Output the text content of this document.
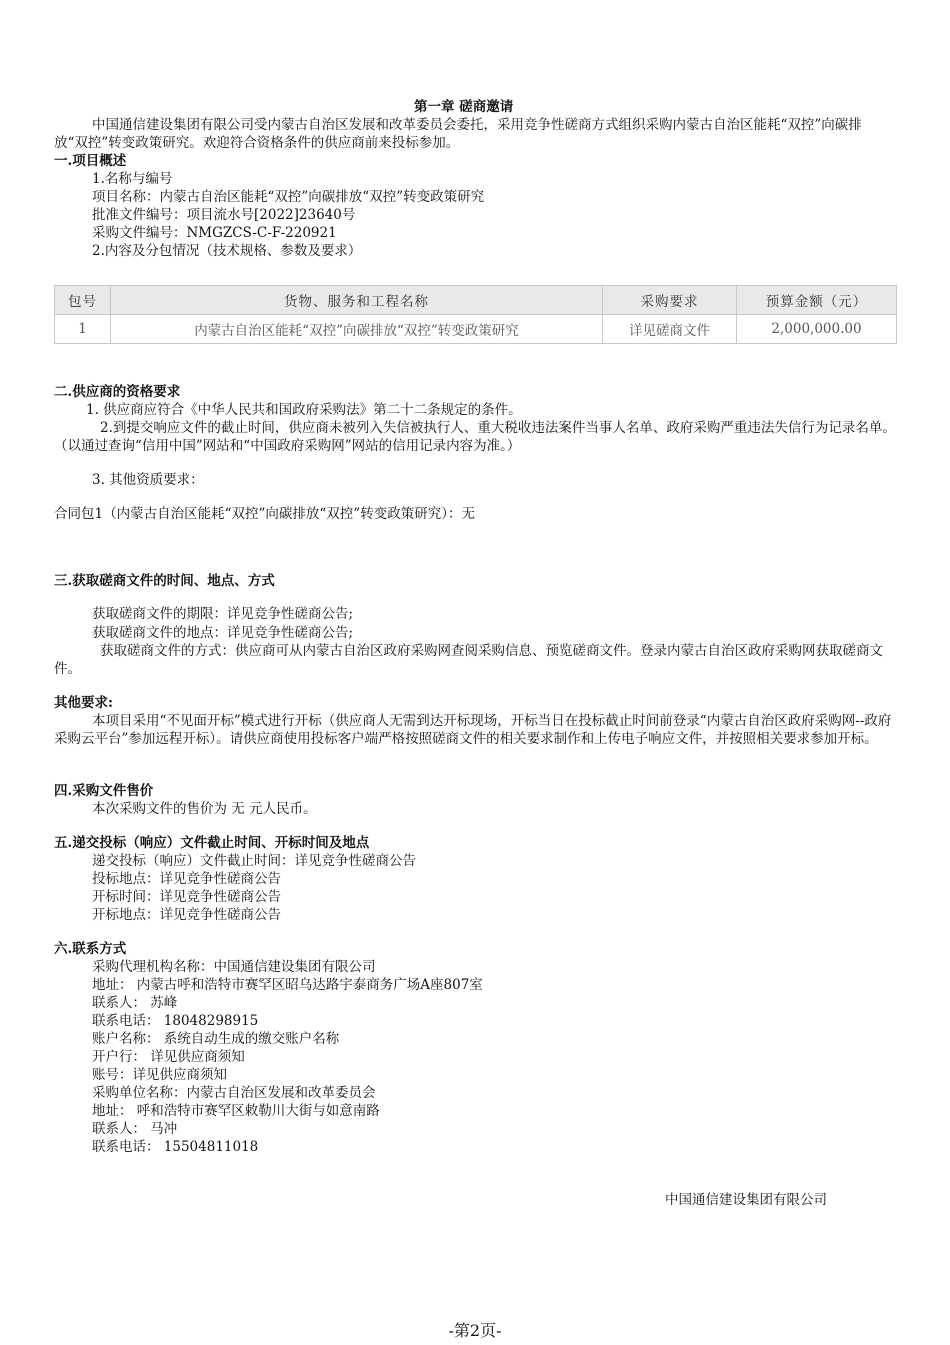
第一章 磋商邀请
中国通信建设集团有限公司受内蒙古自治区发展和改革委员会委托，采用竞争性磋商方式组织采购内蒙古自治区能耗“双控”向碳排放“双控”转变政策研究。欢迎符合资格条件的供应商前来投标参加。
一.项目概述
1.名称与编号
项目名称：内蒙古自治区能耗“双控”向碳排放“双控”转变政策研究
批准文件编号：项目流水号[2022]23640号
采购文件编号：NMGZCS-C-F-220921
2.内容及分包情况（技术规格、参数及要求）
包号	货物、服务和工程名称	采购要求	预算金额（元）
1	内蒙古自治区能耗“双控”向碳排放“双控”转变政策研究	详见磋商文件	2,000,000.00
二.供应商的资格要求
1. 供应商应符合《中华人民共和国政府采购法》第二十二条规定的条件。
2.到提交响应文件的截止时间，供应商未被列入失信被执行人、重大税收违法案件当事人名单、政府采购严重违法失信行为记录名单。（以通过查询“信用中国”网站和“中国政府采购网”网站的信用记录内容为准。）
3. 其他资质要求：
合同包1（内蒙古自治区能耗“双控”向碳排放“双控”转变政策研究）：无
三.获取磋商文件的时间、地点、方式
获取磋商文件的期限：详见竞争性磋商公告;
获取磋商文件的地点：详见竞争性磋商公告;
获取磋商文件的方式：供应商可从内蒙古自治区政府采购网查阅采购信息、预览磋商文件。登录内蒙古自治区政府采购网获取磋商文件。
其他要求:
本项目采用“不见面开标”模式进行开标（供应商人无需到达开标现场，开标当日在投标截止时间前登录“内蒙古自治区政府采购网--政府采购云平台”参加远程开标）。请供应商使用投标客户端严格按照磋商文件的相关要求制作和上传电子响应文件，并按照相关要求参加开标。
四.采购文件售价
本次采购文件的售价为 无 元人民币。
五.递交投标（响应）文件截止时间、开标时间及地点
递交投标（响应）文件截止时间：详见竞争性磋商公告
投标地点：详见竞争性磋商公告
开标时间：详见竞争性磋商公告
开标地点：详见竞争性磋商公告
六.联系方式
采购代理机构名称：中国通信建设集团有限公司
地址： 内蒙古呼和浩特市赛罕区昭乌达路宇泰商务广场A座807室
联系人： 苏峰
联系电话： 18048298915
账户名称： 系统自动生成的缴交账户名称
开户行： 详见供应商须知
账号：详见供应商须知
采购单位名称：内蒙古自治区发展和改革委员会
地址： 呼和浩特市赛罕区敕勒川大街与如意南路
联系人： 马冲
联系电话： 15504811018
中国通信建设集团有限公司
-第2页-
